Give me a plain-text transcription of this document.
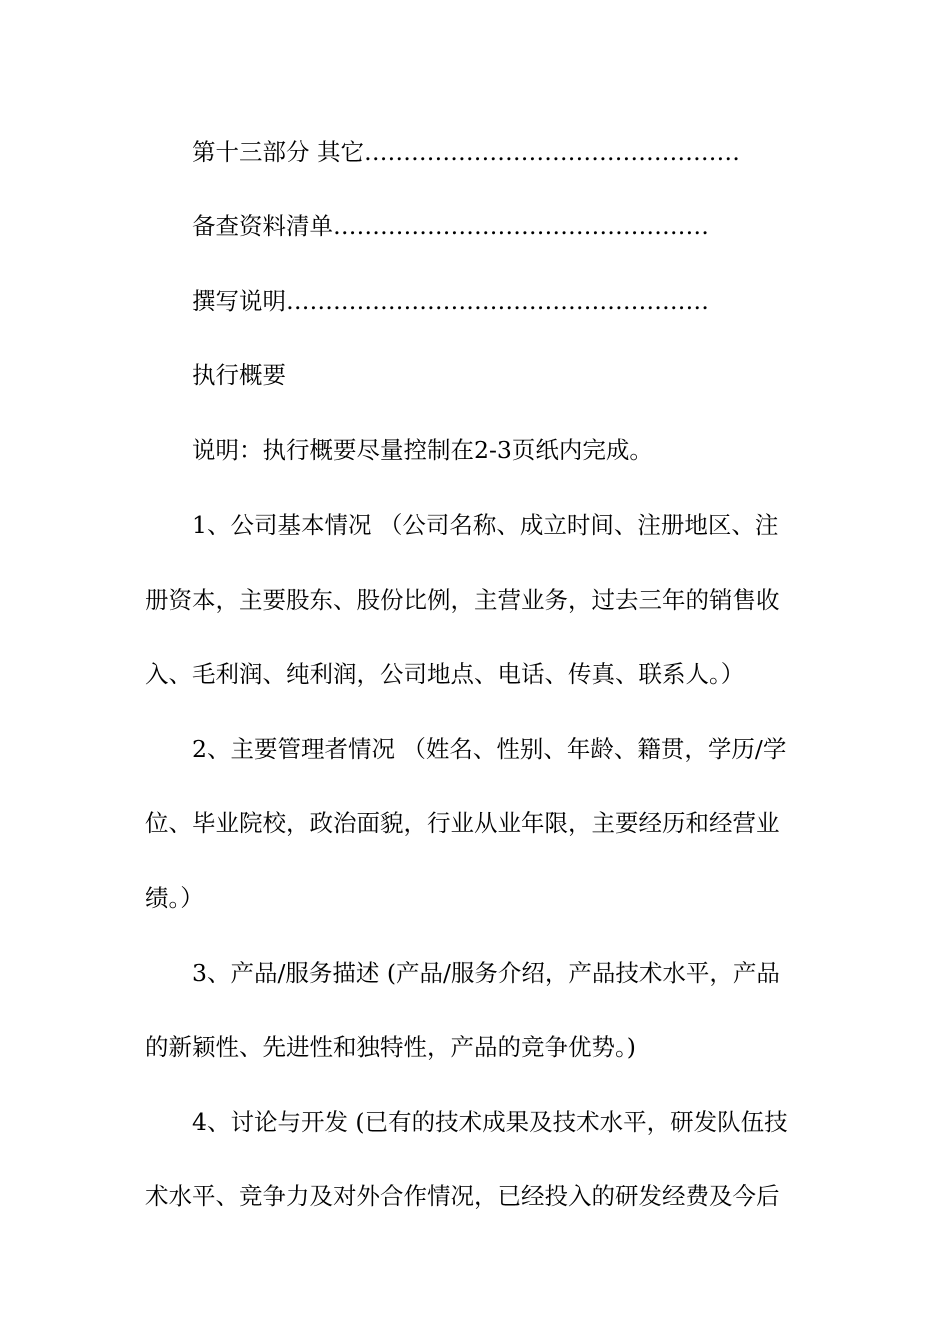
第十三部分 其它…………………………………………
备查资料清单…………………………………………
撰写说明………………………………………………
执行概要
说明：执行概要尽量控制在2-3页纸内完成。
1、公司基本情况 （公司名称、成立时间、注册地区、注
册资本，主要股东、股份比例，主营业务，过去三年的销售收
入、毛利润、纯利润，公司地点、电话、传真、联系人。）
2、主要管理者情况 （姓名、性别、年龄、籍贯，学历/学
位、毕业院校，政治面貌，行业从业年限，主要经历和经营业
绩。）
3、产品/服务描述 (产品/服务介绍，产品技术水平，产品
的新颖性、先进性和独特性，产品的竞争优势。)
4、讨论与开发 (已有的技术成果及技术水平，研发队伍技
术水平、竞争力及对外合作情况，已经投入的研发经费及今后
